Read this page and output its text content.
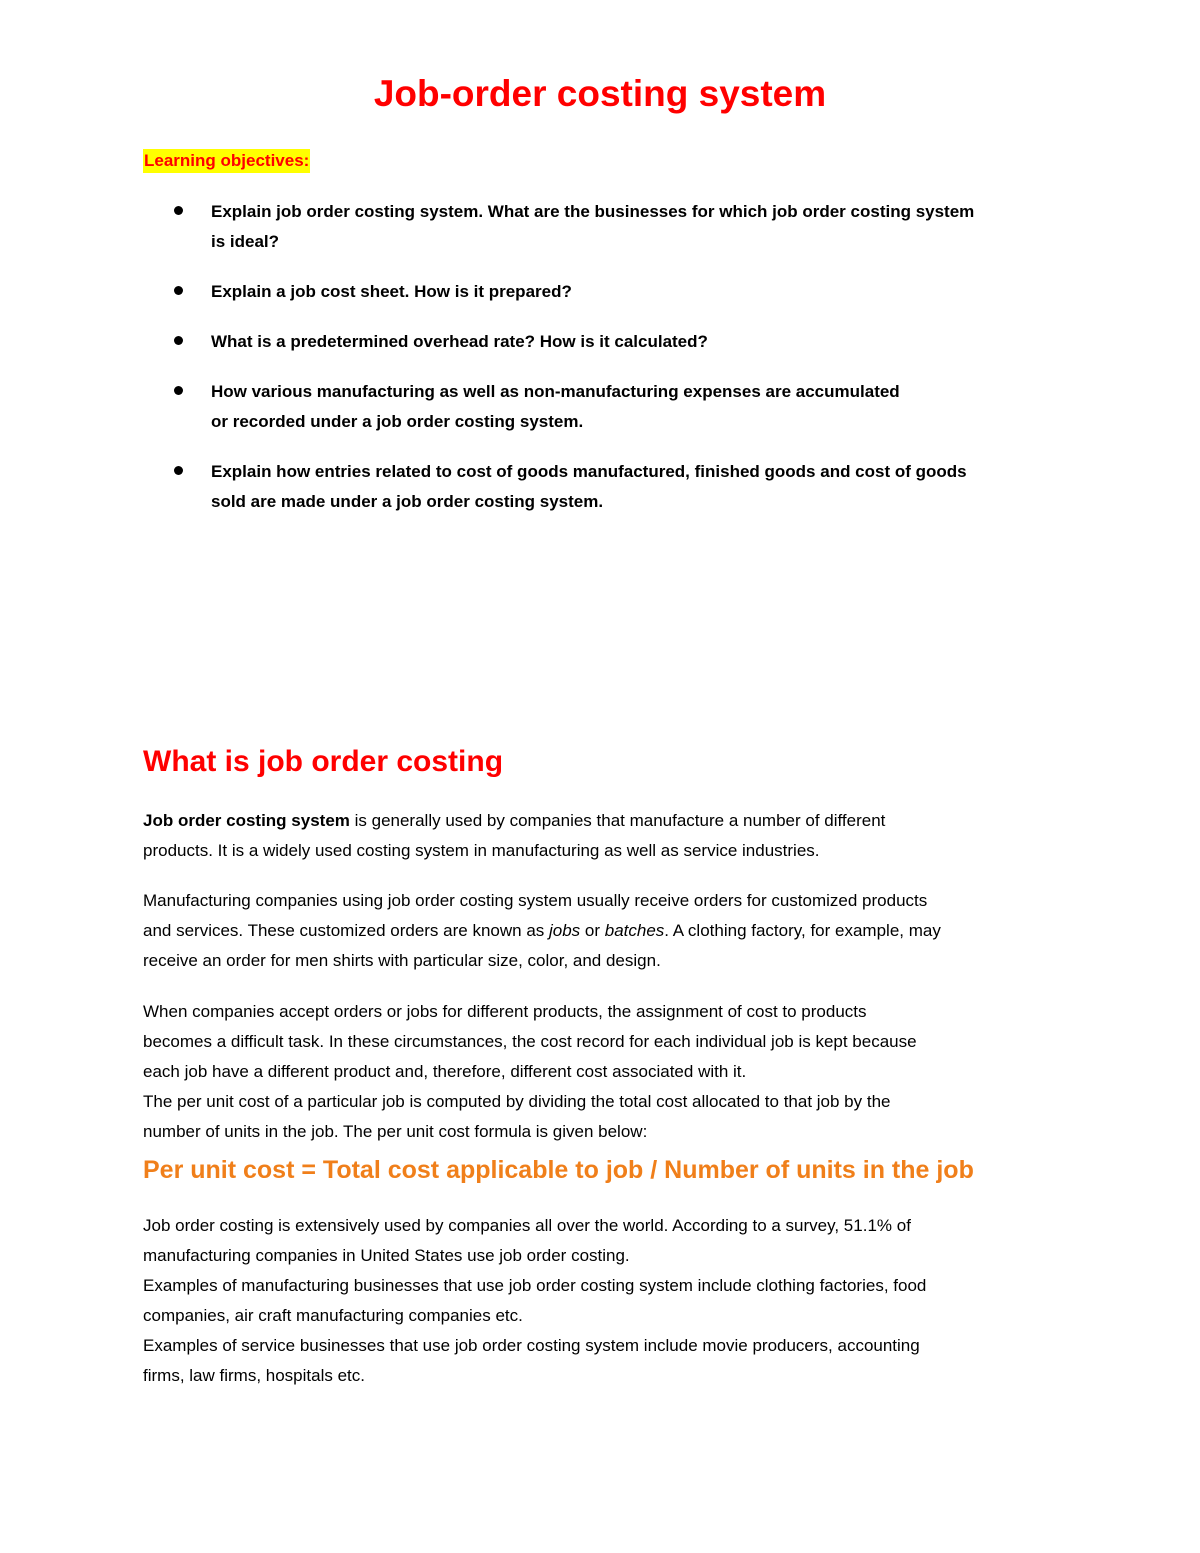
Job-order costing system
Learning objectives:
Explain job order costing system. What are the businesses for which job order costing system
is ideal?
Explain a job cost sheet. How is it prepared?
What is a predetermined overhead rate? How is it calculated?
How various manufacturing as well as non-manufacturing expenses are accumulated
or recorded under a job order costing system.
Explain how entries related to cost of goods manufactured, finished goods and cost of goods
sold are made under a job order costing system.
What is job order costing

Job order costing system is generally used by companies that manufacture a number of different
products. It is a widely used costing system in manufacturing as well as service industries.

Manufacturing companies using job order costing system usually receive orders for customized products
and services. These customized orders are known as jobs or batches. A clothing factory, for example, may
receive an order for men shirts with particular size, color, and design.

When companies accept orders or jobs for different products, the assignment of cost to products
becomes a difficult task. In these circumstances, the cost record for each individual job is kept because
each job have a different product and, therefore, different cost associated with it.
The per unit cost of a particular job is computed by dividing the total cost allocated to that job by the
number of units in the job. The per unit cost formula is given below:

Per unit cost = Total cost applicable to job / Number of units in the job

Job order costing is extensively used by companies all over the world. According to a survey, 51.1% of
manufacturing companies in United States use job order costing.
Examples of manufacturing businesses that use job order costing system include clothing factories, food
companies, air craft manufacturing companies etc.
Examples of service businesses that use job order costing system include movie producers, accounting
firms, law firms, hospitals etc.
